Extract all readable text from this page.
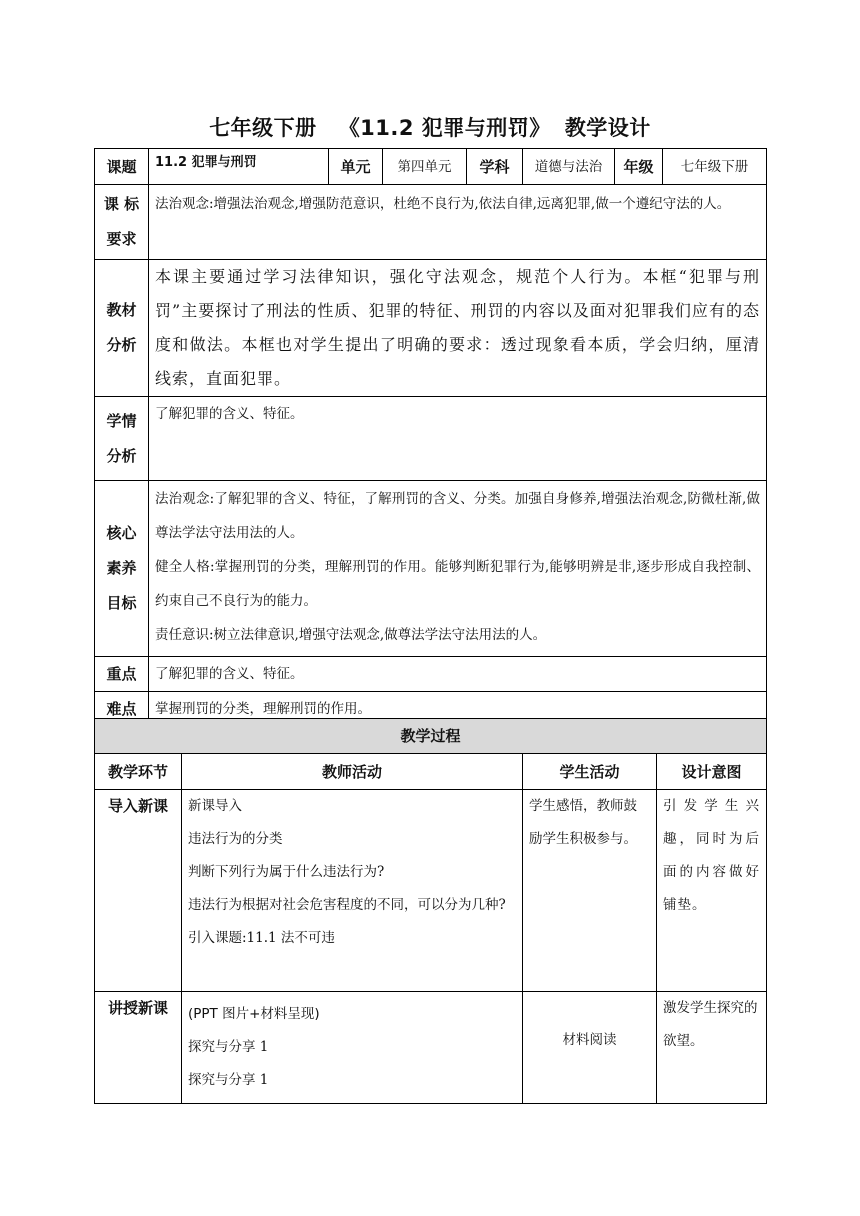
七年级下册 《11.2 犯罪与刑罚》 教学设计
课题	11.2 犯罪与刑罚	单元	第四单元	学科	道德与法治	年级	七年级下册

课 标
要求	法治观念:增强法治观念,增强防范意识，杜绝不良行为,依法自律,远离犯罪,做一个遵纪守法的人。						

教材
分析	本课主要通过学习法律知识，强化守法观念，规范个人行为。本框“犯罪与刑罚”主要探讨了刑法的性质、犯罪的特征、刑罚的内容以及面对犯罪我们应有的态度和做法。本框也对学生提出了明确的要求：透过现象看本质，学会归纳，厘清线索，直面犯罪。						

学情
分析	了解犯罪的含义、特征。						

核心
素养
目标	法治观念:了解犯罪的含义、特征，了解刑罚的含义、分类。加强自身修养,增强法治观念,防微杜渐,做尊法学法守法用法的人。
健全人格:掌握刑罚的分类，理解刑罚的作用。能够判断犯罪行为,能够明辨是非,逐步形成自我控制、约束自己不良行为的能力。
责任意识:树立法律意识,增强守法观念,做尊法学法守法用法的人。						

重点	了解犯罪的含义、特征。						
难点	掌握刑罚的分类，理解刑罚的作用。						
教学过程			
教学环节	教师活动	学生活动	设计意图
导入新课	新课导入
违法行为的分类
判断下列行为属于什么违法行为?
违法行为根据对社会危害程度的不同，可以分为几种?
引入课题:11.1 法不可违	学生感悟，教师鼓励学生积极参与。	引发学生兴趣，同时为后面的内容做好铺垫。
讲授新课	(PPT 图片+材料呈现)
探究与分享 1
探究与分享 1	材料阅读	激发学生探究的欲望。
